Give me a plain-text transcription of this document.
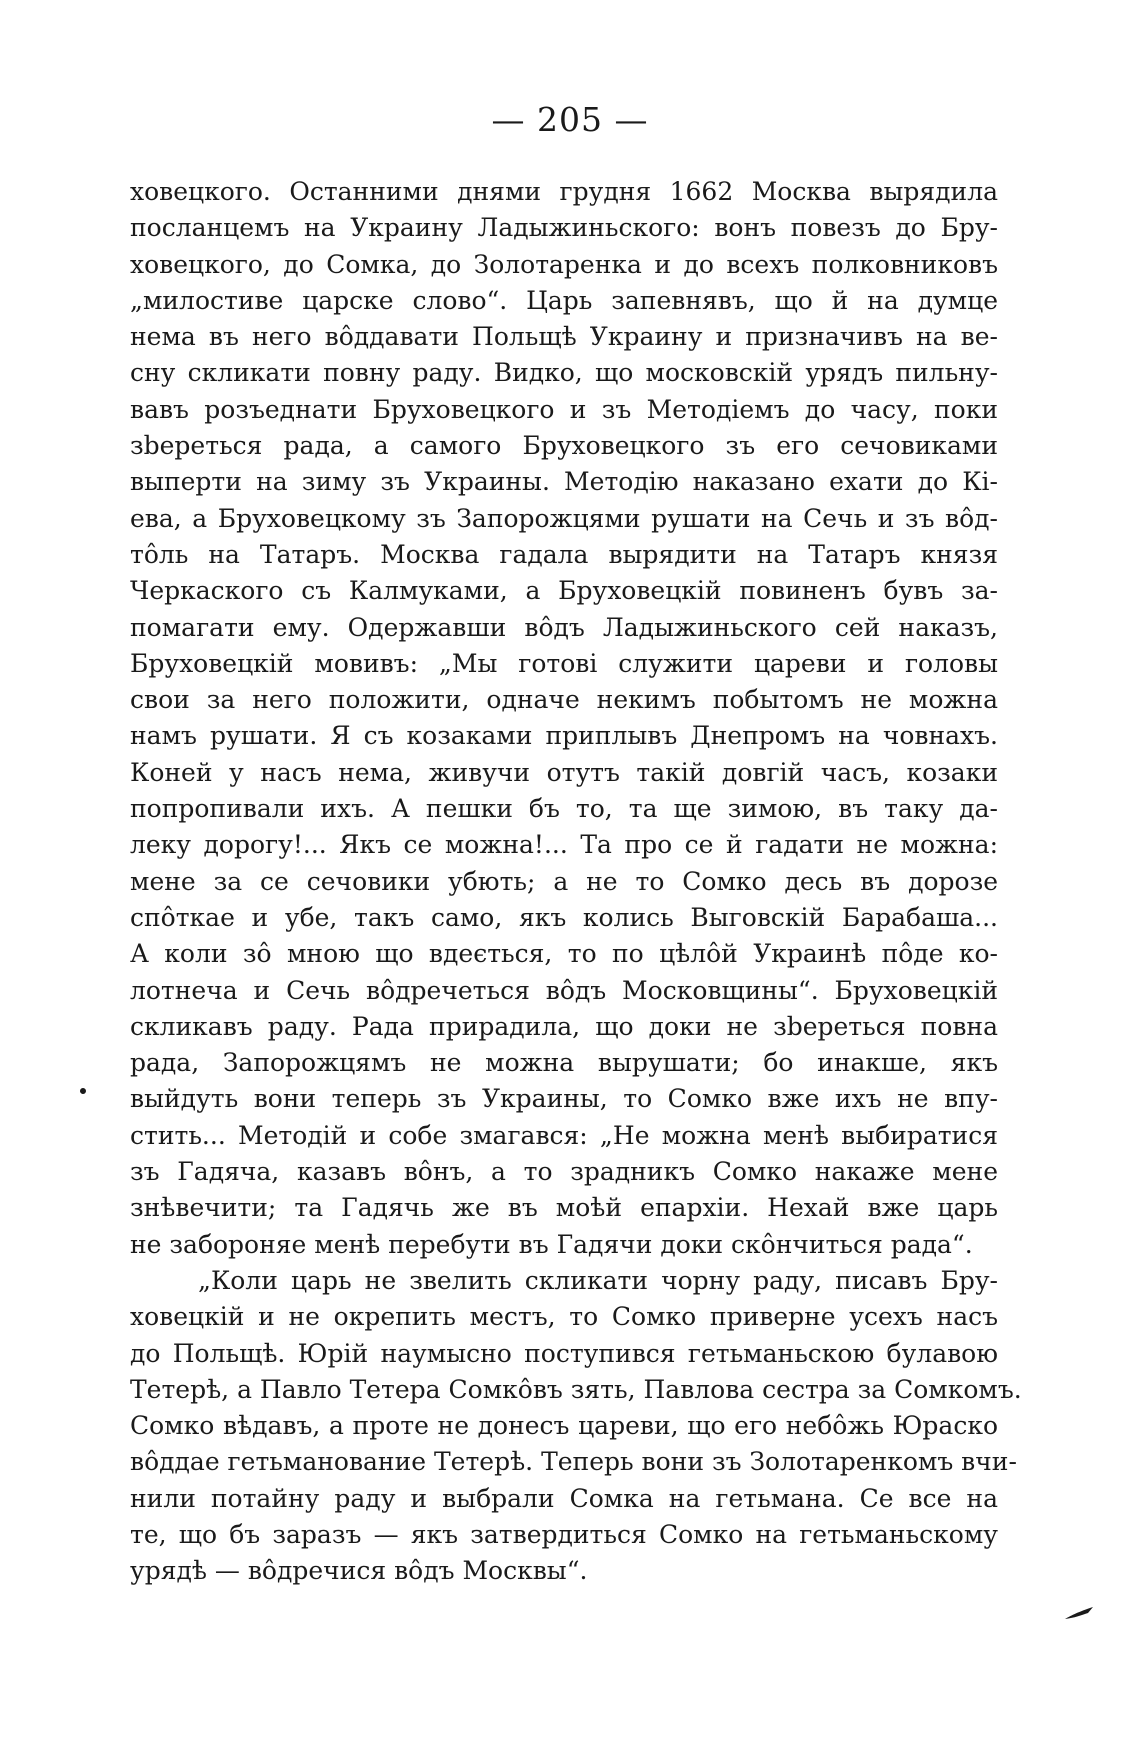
— 205 —
ховецкого. Останними днями грудня 1662 Москва вырядила
посланцемъ на Украину Ладыжиньского: вонъ повезъ до Бру-
ховецкого, до Сомка, до Золотаренка и до всехъ полковниковъ
„милостиве царске слово“. Царь запевнявъ, що й на думце
нема въ него вôддавати Польщѣ Украину и призначивъ на ве-
сну скликати повну раду. Видко, що московскій урядъ пильну-
вавъ розъеднати Бруховецкого и зъ Методіемъ до часу, поки
зbереться рада, а самого Бруховецкого зъ его сечовиками
выперти на зиму зъ Украины. Методію наказано ехати до Кі-
ева, а Бруховецкому зъ Запорожцями рушати на Сечь и зъ вôд-
тôль на Татаръ. Москва гадала вырядити на Татаръ князя
Черкаского съ Калмуками, а Бруховецкій повиненъ бувъ за-
помагати ему. Одержавши вôдъ Ладыжиньского сей наказъ,
Бруховецкій мовивъ: „Мы готові служити цареви и головы
свои за него положити, одначе некимъ побытомъ не можна
намъ рушати. Я съ козаками приплывъ Днепромъ на човнахъ.
Коней у насъ нема, живучи отутъ такій довгій часъ, козаки
попропивали ихъ. А пешки бъ то, та ще зимою, въ таку да-
леку дорогу!... Якъ се можна!... Та про се й гадати не можна:
мене за се сечовики убють; а не то Сомко десь въ дорозе
спôткае и убе, такъ само, якъ колись Выговскій Барабаша...
А коли зô мною що вдеється, то по цѣлôй Украинѣ пôде ко-
лотнеча и Сечь вôдречеться вôдъ Московщины“. Бруховецкій
скликавъ раду. Рада прирадила, що доки не зbереться повна
рада, Запорожцямъ не можна вырушати; бо инакше, якъ
выйдуть вони теперь зъ Украины, то Сомко вже ихъ не впу-
стить... Методій и собе змагався: „Не можна менѣ выбиратися
зъ Гадяча, казавъ вôнъ, а то зрадникъ Сомко накаже мене
знѣвечити; та Гадячь же въ моѣй епархіи. Нехай вже царь
не забороняе менѣ перебути въ Гадячи доки скôнчиться рада“.
„Коли царь не звелить скликати чорну раду, писавъ Бру-
ховецкій и не окрепить местъ, то Сомко приверне усехъ насъ
до Польщѣ. Юрій наумысно поступився гетьманьскою булавою
Тетерѣ, а Павло Тетера Сомкôвъ зять, Павлова сестра за Сомкомъ.
Сомко вѣдавъ, а проте не донесъ цареви, що его небôжь Юраско
вôддае гетьманование Тетерѣ. Теперь вони зъ Золотаренкомъ вчи-
нили потайну раду и выбрали Сомка на гетьмана. Се все на
те, що бъ заразъ — якъ затвердиться Сомко на гетьманьскому
урядѣ — вôдречися вôдъ Москвы“.
